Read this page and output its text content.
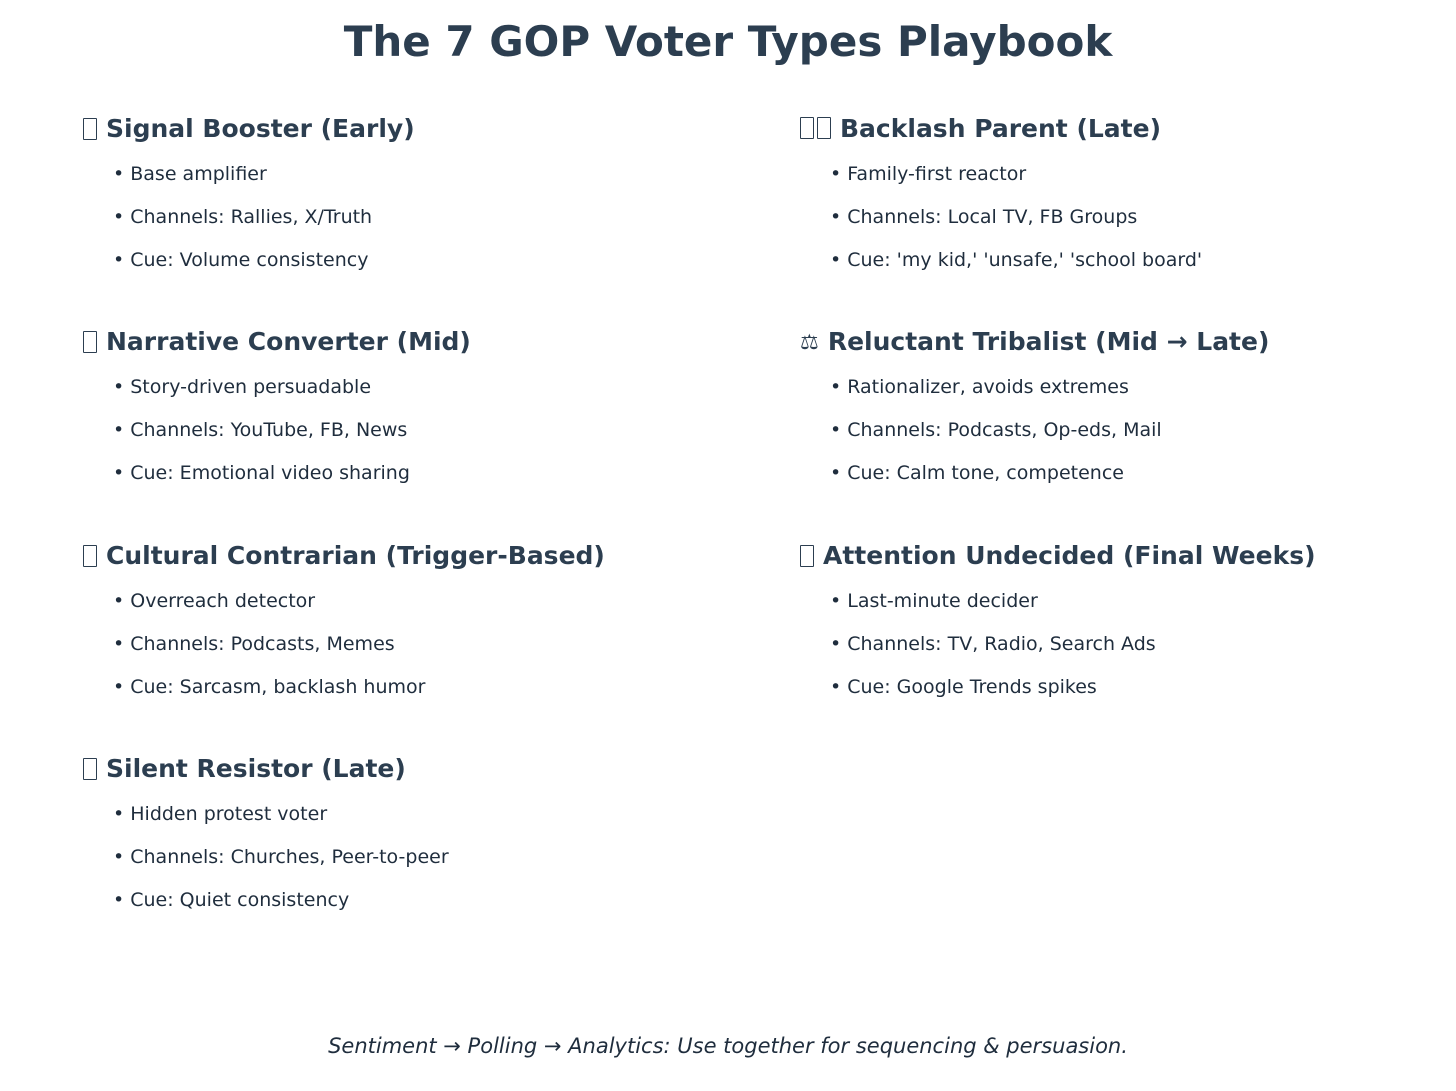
The 7 GOP Voter Types Playbook
Signal Booster (Early)
• Base amplifier
• Channels: Rallies, X/Truth
• Cue: Volume consistency
Backlash Parent (Late)
• Family-first reactor
• Channels: Local TV, FB Groups
• Cue: 'my kid,' 'unsafe,' 'school board'
Narrative Converter (Mid)
• Story-driven persuadable
• Channels: YouTube, FB, News
• Cue: Emotional video sharing
⚖ Reluctant Tribalist (Mid → Late)
• Rationalizer, avoids extremes
• Channels: Podcasts, Op-eds, Mail
• Cue: Calm tone, competence
Cultural Contrarian (Trigger-Based)
• Overreach detector
• Channels: Podcasts, Memes
• Cue: Sarcasm, backlash humor
Attention Undecided (Final Weeks)
• Last-minute decider
• Channels: TV, Radio, Search Ads
• Cue: Google Trends spikes
Silent Resistor (Late)
• Hidden protest voter
• Channels: Churches, Peer-to-peer
• Cue: Quiet consistency
Sentiment → Polling → Analytics: Use together for sequencing & persuasion.
